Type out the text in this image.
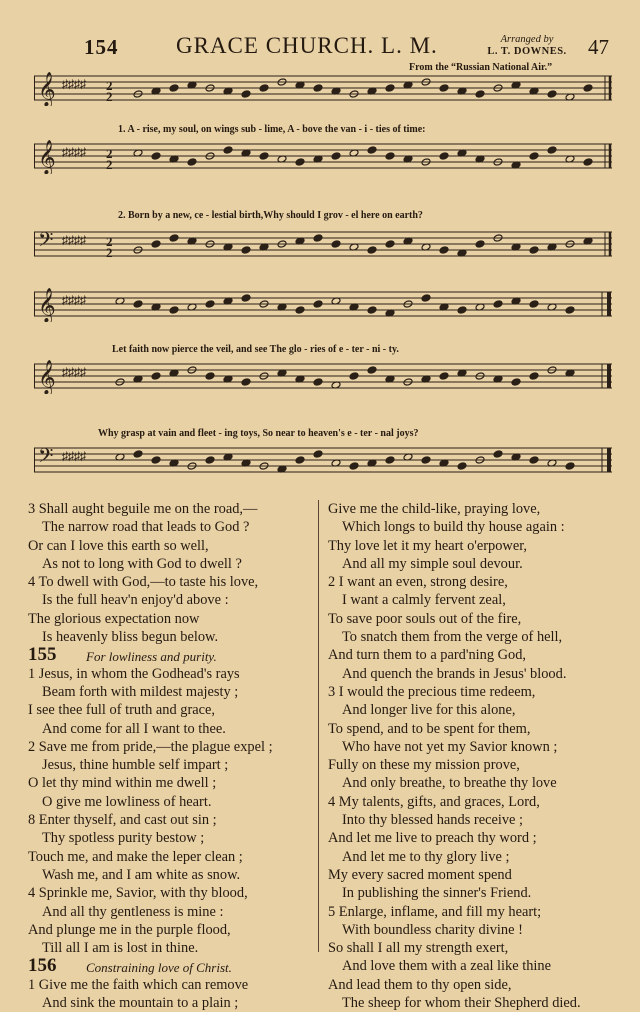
154	GRACE CHURCH. L. M.	Arranged by
L. T. DOWNES.	47
From the “Russian National Air.”
𝄞 ♯♯♯♯ 2
2
1. A - rise, my soul, on wings sub - lime, A - bove the van - i - ties of time:
𝄞 ♯♯♯♯ 2
2
2. Born by a new, ce - lestial birth,Why should I grov - el here on earth?
𝄢 ♯♯♯♯ 2
2
𝄞 ♯♯♯♯
Let faith now pierce the veil, and see The glo - ries of e - ter - ni - ty.
𝄞 ♯♯♯♯
Why grasp at vain and fleet - ing toys, So near to heaven's e - ter - nal joys?
𝄢 ♯♯♯♯
3 Shall aught beguile me on the road,—
The narrow road that leads to God ?
Or can I love this earth so well,
As not to long with God to dwell ?
4 To dwell with God,—to taste his love,
Is the full heav'n enjoy'd above :
The glorious expectation now
Is heavenly bliss begun below.
155 For lowliness and purity.
1 Jesus, in whom the Godhead's rays
Beam forth with mildest majesty ;
I see thee full of truth and grace,
And come for all I want to thee.
2 Save me from pride,—the plague expel ;
Jesus, thine humble self impart ;
O let thy mind within me dwell ;
O give me lowliness of heart.
8 Enter thyself, and cast out sin ;
Thy spotless purity bestow ;
Touch me, and make the leper clean ;
Wash me, and I am white as snow.
4 Sprinkle me, Savior, with thy blood,
And all thy gentleness is mine :
And plunge me in the purple flood,
Till all I am is lost in thine.
156 Constraining love of Christ.
1 Give me the faith which can remove
And sink the mountain to a plain ;
Give me the child-like, praying love,
Which longs to build thy house again :
Thy love let it my heart o'erpower,
And all my simple soul devour.
2 I want an even, strong desire,
I want a calmly fervent zeal,
To save poor souls out of the fire,
To snatch them from the verge of hell,
And turn them to a pard'ning God,
And quench the brands in Jesus' blood.
3 I would the precious time redeem,
And longer live for this alone,
To spend, and to be spent for them,
Who have not yet my Savior known ;
Fully on these my mission prove,
And only breathe, to breathe thy love
4 My talents, gifts, and graces, Lord,
Into thy blessed hands receive ;
And let me live to preach thy word ;
And let me to thy glory live ;
My every sacred moment spend
In publishing the sinner's Friend.
5 Enlarge, inflame, and fill my heart;
With boundless charity divine !
So shall I all my strength exert,
And love them with a zeal like thine
And lead them to thy open side,
The sheep for whom their Shepherd died.
